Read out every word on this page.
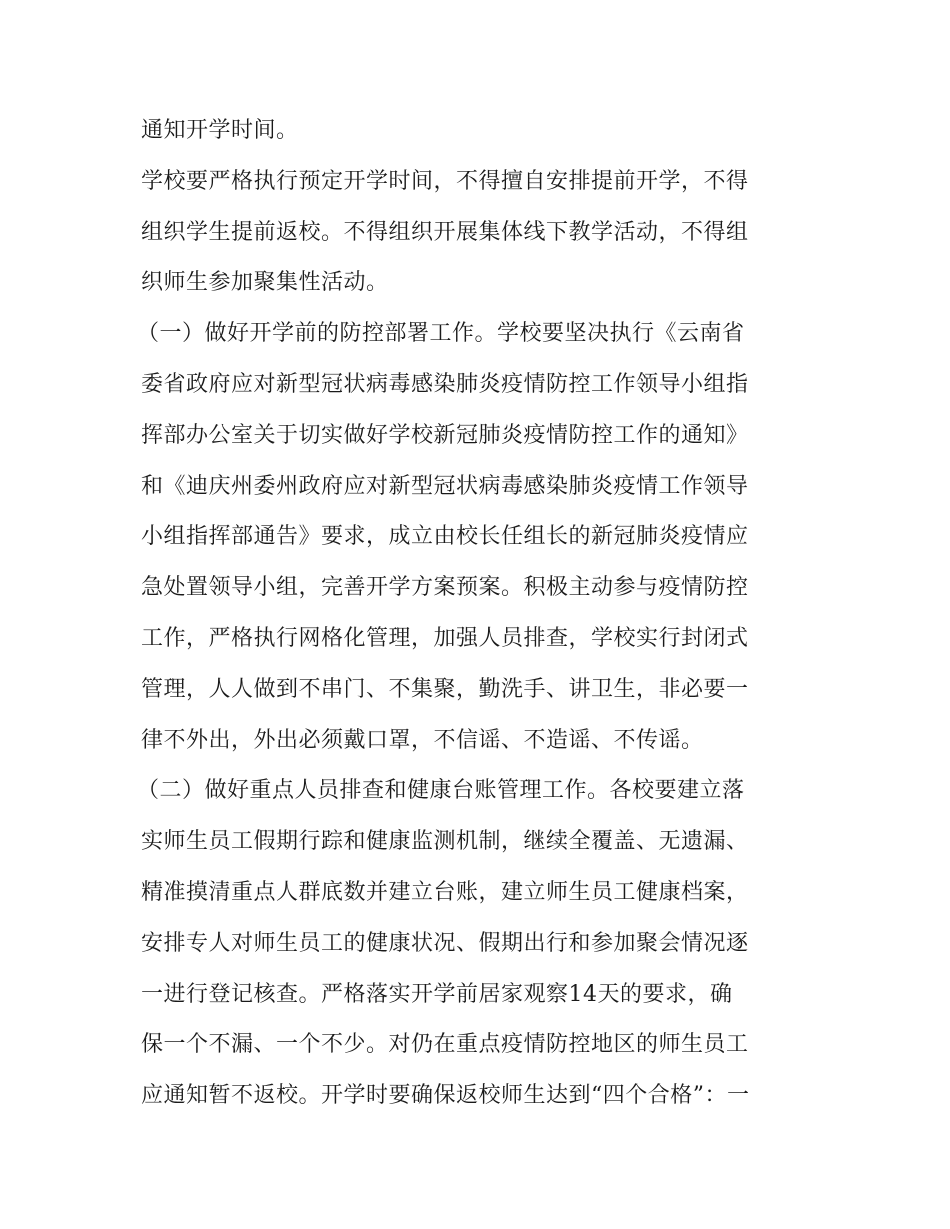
通知开学时间。
学校要严格执行预定开学时间，不得擅自安排提前开学，不得
组织学生提前返校。不得组织开展集体线下教学活动，不得组
织师生参加聚集性活动。
（一）做好开学前的防控部署工作。学校要坚决执行《云南省
委省政府应对新型冠状病毒感染肺炎疫情防控工作领导小组指
挥部办公室关于切实做好学校新冠肺炎疫情防控工作的通知》
和《迪庆州委州政府应对新型冠状病毒感染肺炎疫情工作领导
小组指挥部通告》要求，成立由校长任组长的新冠肺炎疫情应
急处置领导小组，完善开学方案预案。积极主动参与疫情防控
工作，严格执行网格化管理，加强人员排查，学校实行封闭式
管理，人人做到不串门、不集聚，勤洗手、讲卫生，非必要一
律不外出，外出必须戴口罩，不信谣、不造谣、不传谣。
（二）做好重点人员排查和健康台账管理工作。各校要建立落
实师生员工假期行踪和健康监测机制，继续全覆盖、无遗漏、
精准摸清重点人群底数并建立台账，建立师生员工健康档案，
安排专人对师生员工的健康状况、假期出行和参加聚会情况逐
一进行登记核查。严格落实开学前居家观察14天的要求，确
保一个不漏、一个不少。对仍在重点疫情防控地区的师生员工
应通知暂不返校。开学时要确保返校师生达到“四个合格”：一
